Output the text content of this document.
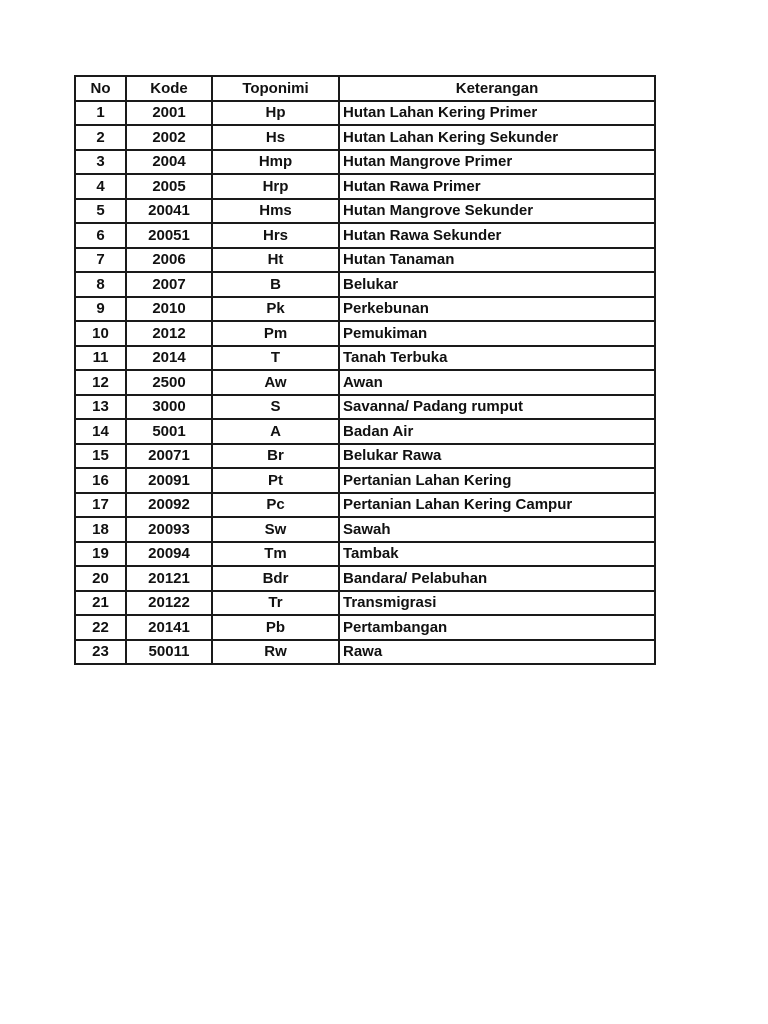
No	Kode	Toponimi	Keterangan
1	2001	Hp	Hutan Lahan Kering Primer
2	2002	Hs	Hutan Lahan Kering Sekunder
3	2004	Hmp	Hutan Mangrove Primer
4	2005	Hrp	Hutan Rawa Primer
5	20041	Hms	Hutan Mangrove Sekunder
6	20051	Hrs	Hutan Rawa Sekunder
7	2006	Ht	Hutan Tanaman
8	2007	B	Belukar
9	2010	Pk	Perkebunan
10	2012	Pm	Pemukiman
11	2014	T	Tanah Terbuka
12	2500	Aw	Awan
13	3000	S	Savanna/ Padang rumput
14	5001	A	Badan Air
15	20071	Br	Belukar Rawa
16	20091	Pt	Pertanian Lahan Kering
17	20092	Pc	Pertanian Lahan Kering Campur
18	20093	Sw	Sawah
19	20094	Tm	Tambak
20	20121	Bdr	Bandara/ Pelabuhan
21	20122	Tr	Transmigrasi
22	20141	Pb	Pertambangan
23	50011	Rw	Rawa
